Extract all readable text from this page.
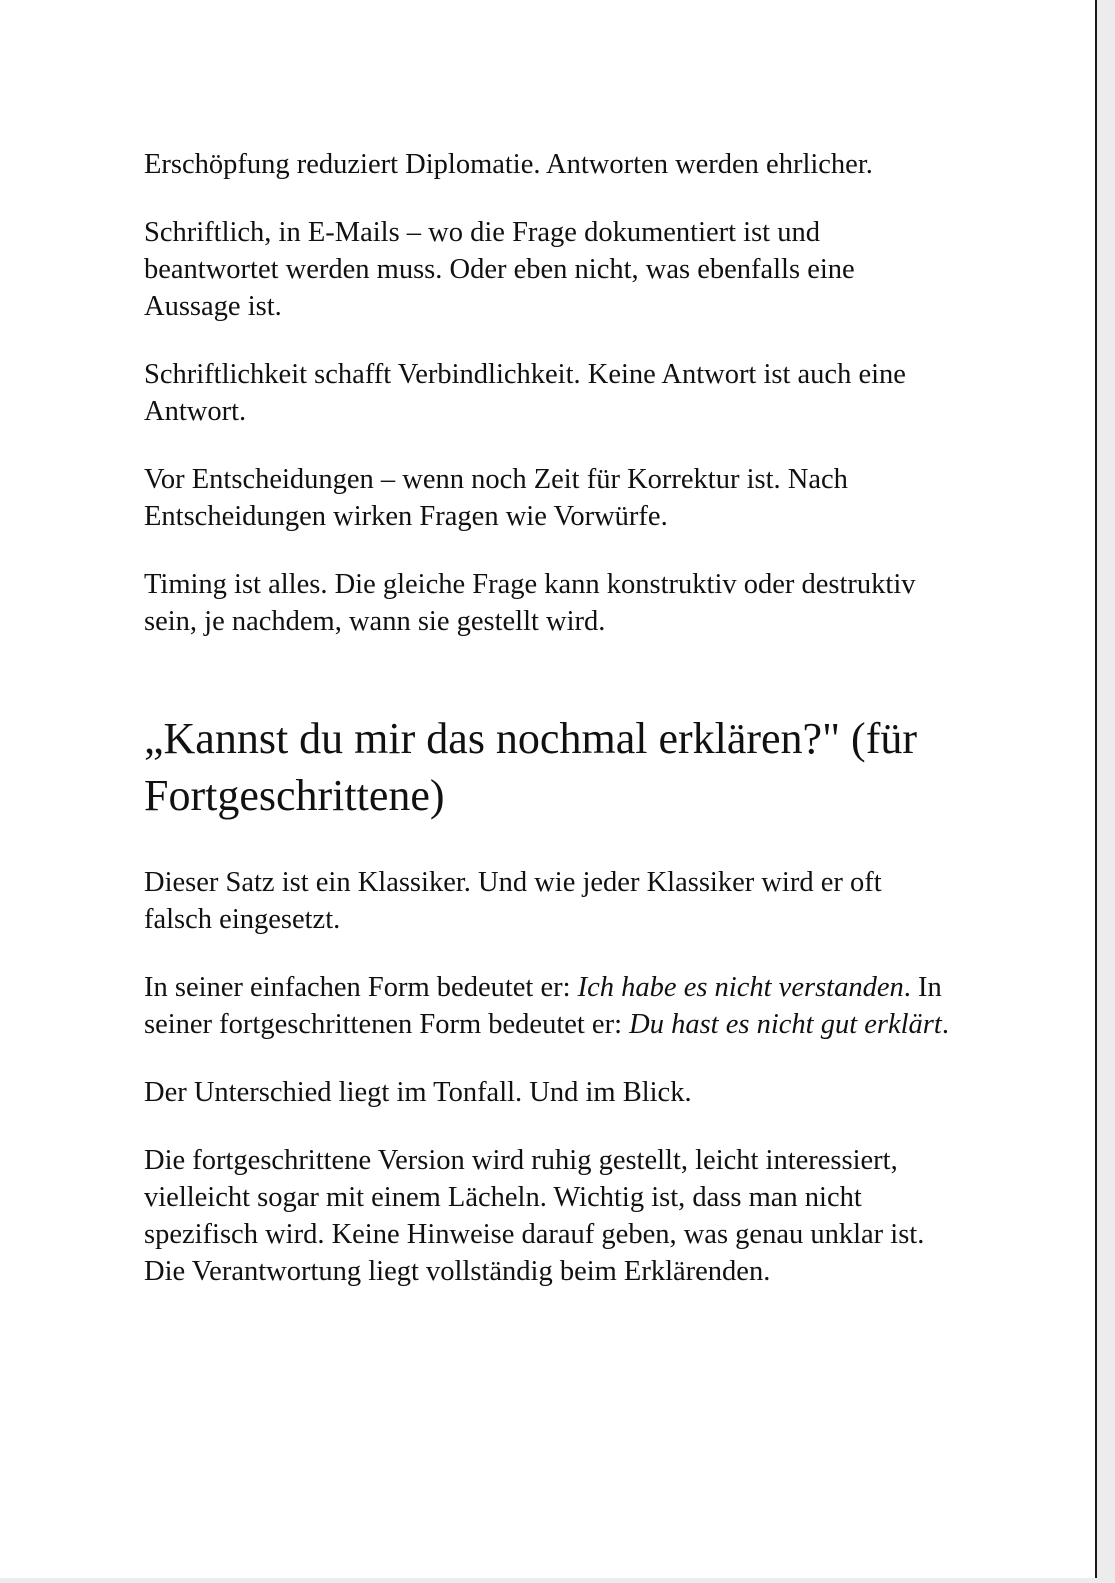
Erschöpfung reduziert Diplomatie. Antworten werden ehrlicher.

Schriftlich, in E-Mails – wo die Frage dokumentiert ist und beantwortet werden muss. Oder eben nicht, was ebenfalls eine Aussage ist.

Schriftlichkeit schafft Verbindlichkeit. Keine Antwort ist auch eine Antwort.

Vor Entscheidungen – wenn noch Zeit für Korrektur ist. Nach Entscheidungen wirken Fragen wie Vorwürfe.

Timing ist alles. Die gleiche Frage kann konstruktiv oder destruktiv sein, je nachdem, wann sie gestellt wird.

„Kannst du mir das nochmal erklären?" (für Fortgeschrittene)

Dieser Satz ist ein Klassiker. Und wie jeder Klassiker wird er oft falsch eingesetzt.

In seiner einfachen Form bedeutet er: Ich habe es nicht verstanden. In seiner fortgeschrittenen Form bedeutet er: Du hast es nicht gut erklärt.

Der Unterschied liegt im Tonfall. Und im Blick.

Die fortgeschrittene Version wird ruhig gestellt, leicht interessiert, vielleicht sogar mit einem Lächeln. Wichtig ist, dass man nicht spezifisch wird. Keine Hinweise darauf geben, was genau unklar ist. Die Verantwortung liegt vollständig beim Erklärenden.
